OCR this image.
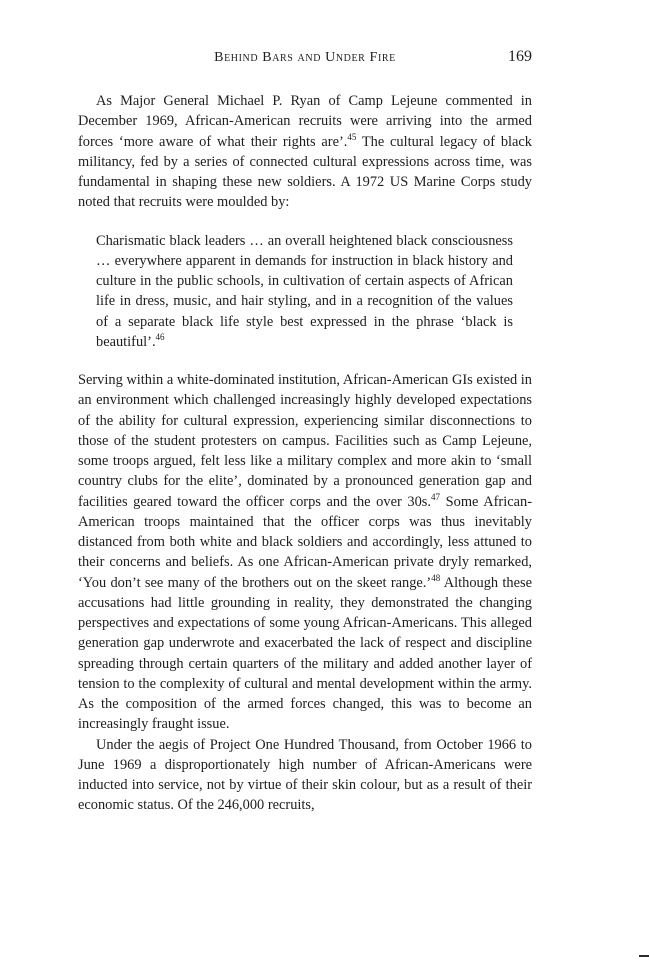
Behind Bars and Under Fire	169

As Major General Michael P. Ryan of Camp Lejeune commented in December 1969, African-American recruits were arriving into the armed forces ‘more aware of what their rights are’.$^{45}$ The cultural legacy of black militancy, fed by a series of connected cultural expressions across time, was fundamental in shaping these new soldiers. A 1972 US Marine Corps study noted that recruits were moulded by:

Charismatic black leaders … an overall heightened black consciousness … everywhere apparent in demands for instruction in black history and culture in the public schools, in cultivation of certain aspects of African life in dress, music, and hair styling, and in a recognition of the values of a separate black life style best expressed in the phrase ‘black is beautiful’.$^{46}$

Serving within a white-dominated institution, African-American GIs existed in an environment which challenged increasingly highly developed expectations of the ability for cultural expression, experiencing similar disconnections to those of the student protesters on campus. Facilities such as Camp Lejeune, some troops argued, felt less like a military complex and more akin to ‘small country clubs for the elite’, dominated by a pronounced generation gap and facilities geared toward the officer corps and the over 30s.$^{47}$ Some African-American troops maintained that the officer corps was thus inevitably distanced from both white and black soldiers and accordingly, less attuned to their concerns and beliefs. As one African-American private dryly remarked, ‘You don’t see many of the brothers out on the skeet range.’$^{48}$ Although these accusations had little grounding in reality, they demonstrated the changing perspectives and expectations of some young African-Americans. This alleged generation gap underwrote and exacerbated the lack of respect and discipline spreading through certain quarters of the military and added another layer of tension to the complexity of cultural and mental development within the army. As the composition of the armed forces changed, this was to become an increasingly fraught issue.

Under the aegis of Project One Hundred Thousand, from October 1966 to June 1969 a disproportionately high number of African-Americans were inducted into service, not by virtue of their skin colour, but as a result of their economic status. Of the 246,000 recruits,
